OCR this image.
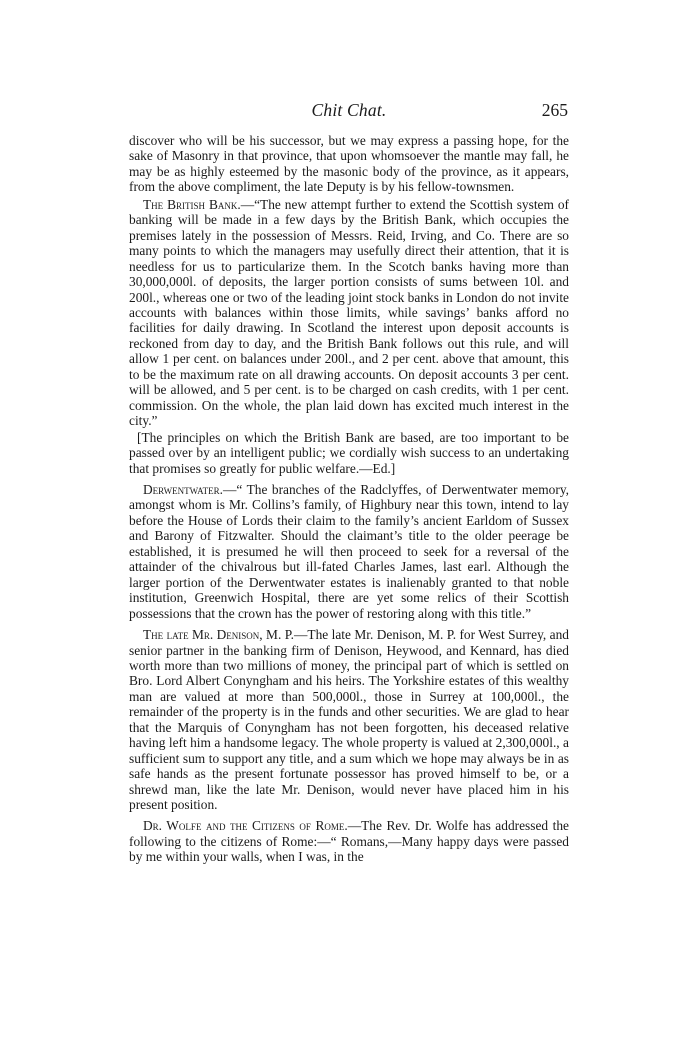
Chit Chat.	265

discover who will be his successor, but we may express a passing hope, for the sake of Masonry in that province, that upon whomsoever the mantle may fall, he may be as highly esteemed by the masonic body of the province, as it appears, from the above compliment, the late Deputy is by his fellow-townsmen.

The British Bank.—“The new attempt further to extend the Scottish system of banking will be made in a few days by the British Bank, which occupies the premises lately in the possession of Messrs. Reid, Irving, and Co. There are so many points to which the managers may usefully direct their attention, that it is needless for us to particularize them. In the Scotch banks having more than 30,000,000l. of deposits, the larger portion consists of sums between 10l. and 200l., whereas one or two of the leading joint stock banks in London do not invite accounts with balances within those limits, while savings’ banks afford no facilities for daily drawing. In Scotland the interest upon deposit accounts is reckoned from day to day, and the British Bank follows out this rule, and will allow 1 per cent. on balances under 200l., and 2 per cent. above that amount, this to be the maximum rate on all drawing accounts. On deposit accounts 3 per cent. will be allowed, and 5 per cent. is to be charged on cash credits, with 1 per cent. commission. On the whole, the plan laid down has excited much interest in the city.”

[The principles on which the British Bank are based, are too important to be passed over by an intelligent public; we cordially wish success to an undertaking that promises so greatly for public welfare.—Ed.]

Derwentwater.—“ The branches of the Radclyffes, of Derwentwater memory, amongst whom is Mr. Collins’s family, of Highbury near this town, intend to lay before the House of Lords their claim to the family’s ancient Earldom of Sussex and Barony of Fitzwalter. Should the claimant’s title to the older peerage be established, it is presumed he will then proceed to seek for a reversal of the attainder of the chivalrous but ill-fated Charles James, last earl. Although the larger portion of the Derwentwater estates is inalienably granted to that noble institution, Greenwich Hospital, there are yet some relics of their Scottish possessions that the crown has the power of restoring along with this title.”

The late Mr. Denison, M. P.—The late Mr. Denison, M. P. for West Surrey, and senior partner in the banking firm of Denison, Heywood, and Kennard, has died worth more than two millions of money, the principal part of which is settled on Bro. Lord Albert Conyngham and his heirs. The Yorkshire estates of this wealthy man are valued at more than 500,000l., those in Surrey at 100,000l., the remainder of the property is in the funds and other securities. We are glad to hear that the Marquis of Conyngham has not been forgotten, his deceased relative having left him a handsome legacy. The whole property is valued at 2,300,000l., a sufficient sum to support any title, and a sum which we hope may always be in as safe hands as the present fortunate possessor has proved himself to be, or a shrewd man, like the late Mr. Denison, would never have placed him in his present position.

Dr. Wolfe and the Citizens of Rome.—The Rev. Dr. Wolfe has addressed the following to the citizens of Rome:—“ Romans,—Many happy days were passed by me within your walls, when I was, in the
